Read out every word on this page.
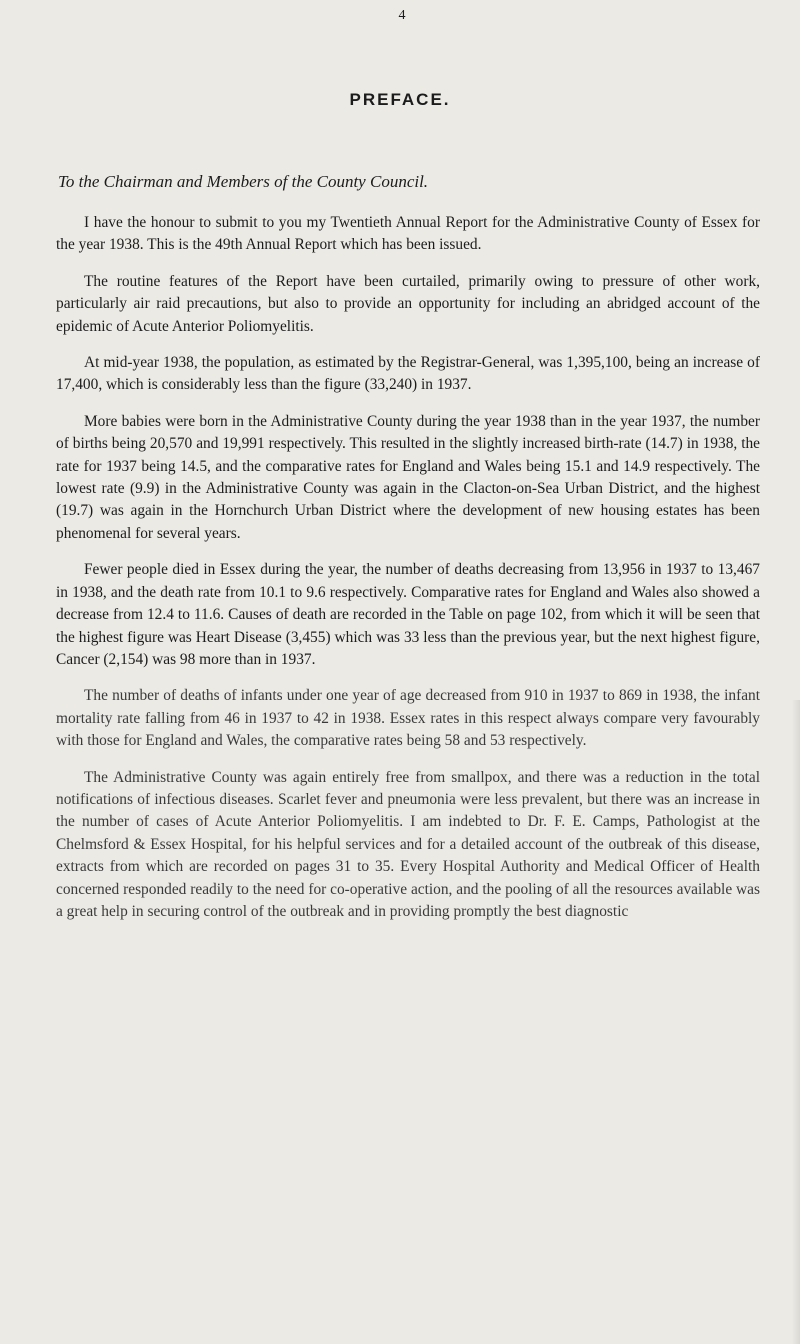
4
PREFACE.
To the Chairman and Members of the County Council.

I have the honour to submit to you my Twentieth Annual Report for the Administrative County of Essex for the year 1938. This is the 49th Annual Report which has been issued.

The routine features of the Report have been curtailed, primarily owing to pressure of other work, particularly air raid precautions, but also to provide an opportunity for including an abridged account of the epidemic of Acute Anterior Poliomyelitis.

At mid-year 1938, the population, as estimated by the Registrar-General, was 1,395,100, being an increase of 17,400, which is considerably less than the figure (33,240) in 1937.

More babies were born in the Administrative County during the year 1938 than in the year 1937, the number of births being 20,570 and 19,991 respectively. This resulted in the slightly increased birth-rate (14.7) in 1938, the rate for 1937 being 14.5, and the comparative rates for England and Wales being 15.1 and 14.9 respectively. The lowest rate (9.9) in the Administrative County was again in the Clacton-on-Sea Urban District, and the highest (19.7) was again in the Hornchurch Urban District where the development of new housing estates has been phenomenal for several years.

Fewer people died in Essex during the year, the number of deaths decreasing from 13,956 in 1937 to 13,467 in 1938, and the death rate from 10.1 to 9.6 respectively. Comparative rates for England and Wales also showed a decrease from 12.4 to 11.6. Causes of death are recorded in the Table on page 102, from which it will be seen that the highest figure was Heart Disease (3,455) which was 33 less than the previous year, but the next highest figure, Cancer (2,154) was 98 more than in 1937.

The number of deaths of infants under one year of age decreased from 910 in 1937 to 869 in 1938, the infant mortality rate falling from 46 in 1937 to 42 in 1938. Essex rates in this respect always compare very favourably with those for England and Wales, the comparative rates being 58 and 53 respectively.

The Administrative County was again entirely free from smallpox, and there was a reduction in the total notifications of infectious diseases. Scarlet fever and pneumonia were less prevalent, but there was an increase in the number of cases of Acute Anterior Poliomyelitis. I am indebted to Dr. F. E. Camps, Pathologist at the Chelmsford & Essex Hospital, for his helpful services and for a detailed account of the outbreak of this disease, extracts from which are recorded on pages 31 to 35. Every Hospital Authority and Medical Officer of Health concerned responded readily to the need for co-operative action, and the pooling of all the resources available was a great help in securing control of the outbreak and in providing promptly the best diagnostic
